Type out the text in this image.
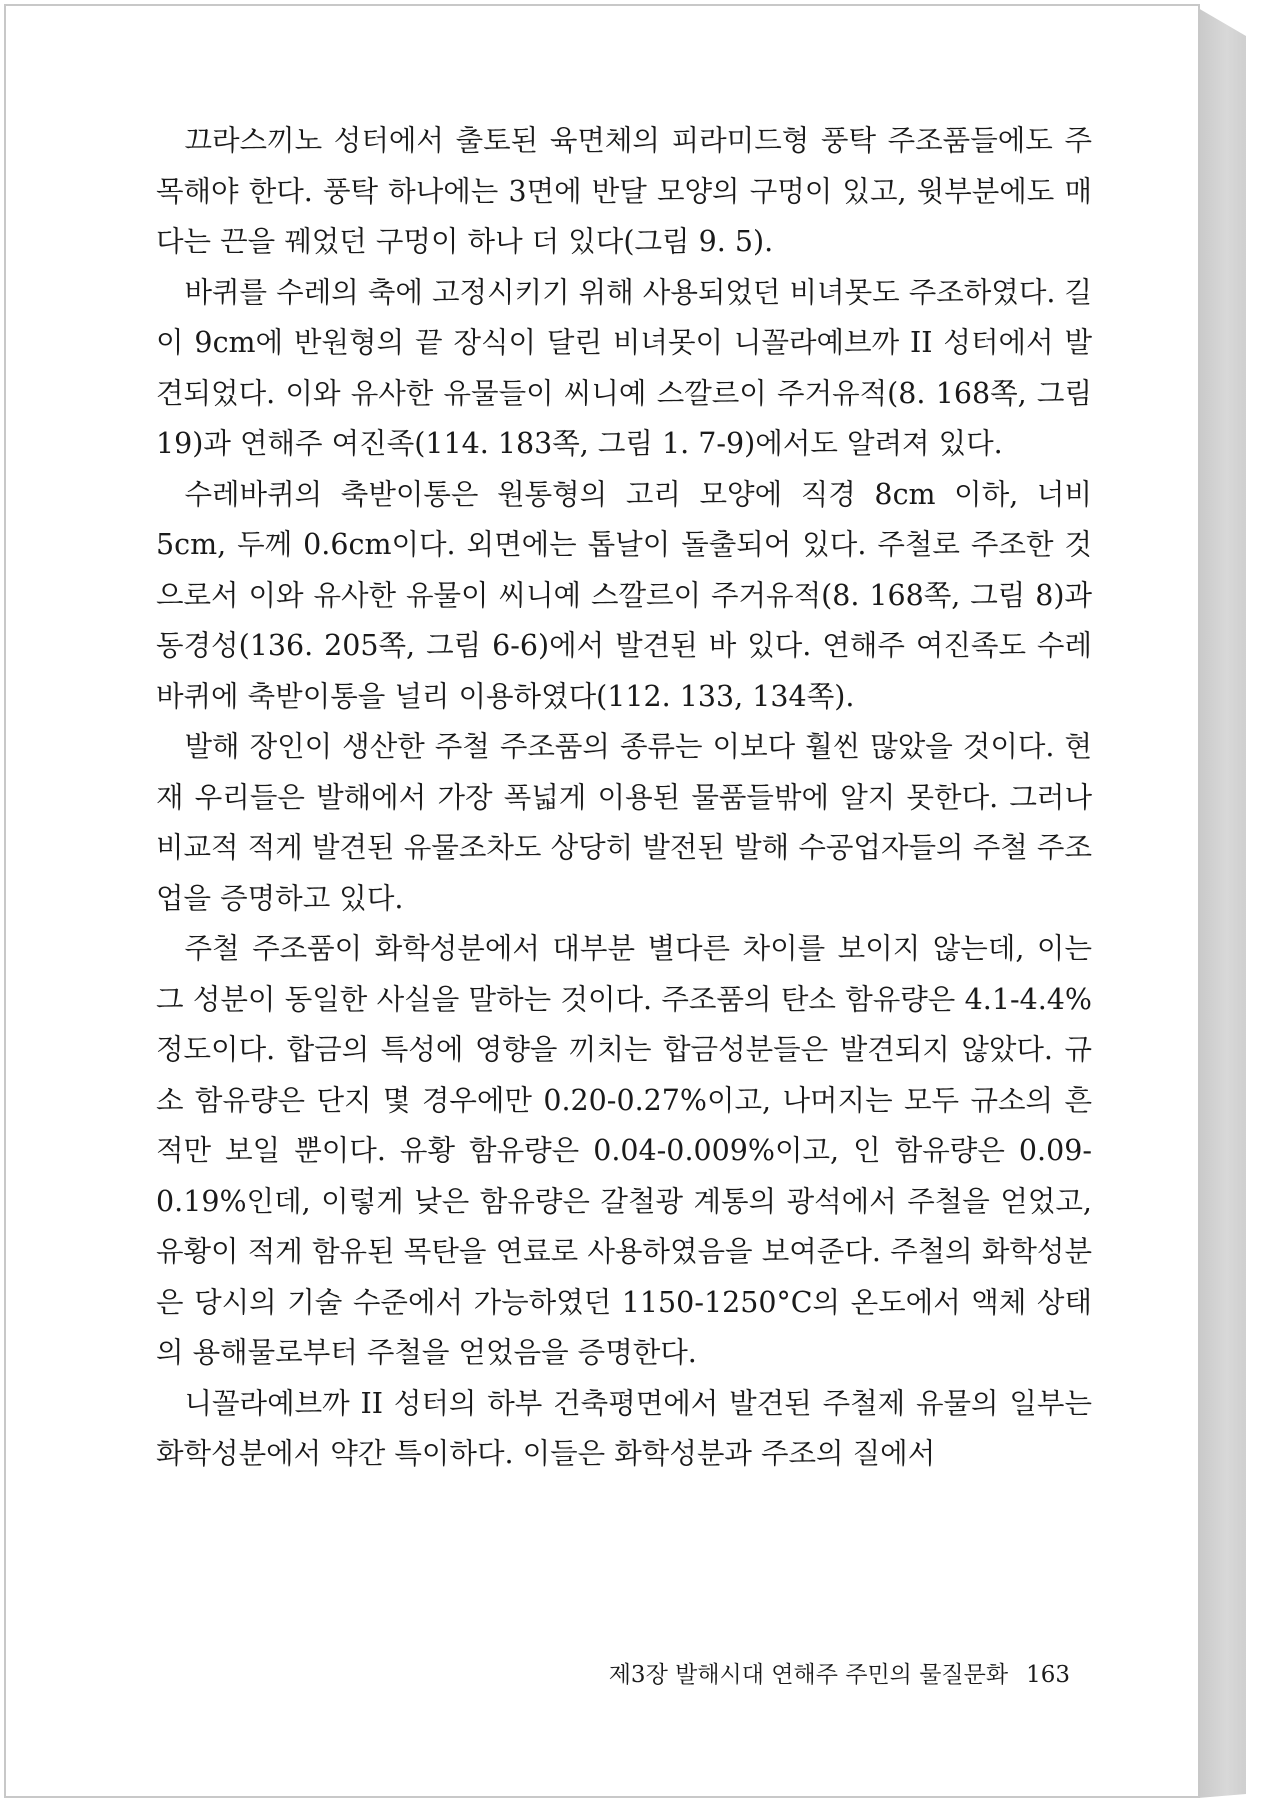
끄라스끼노 성터에서 출토된 육면체의 피라미드형 풍탁 주조품들에도 주목해야 한다. 풍탁 하나에는 3면에 반달 모양의 구멍이 있고, 윗부분에도 매다는 끈을 꿰었던 구멍이 하나 더 있다(그림 9. 5).

바퀴를 수레의 축에 고정시키기 위해 사용되었던 비녀못도 주조하였다. 길이 9cm에 반원형의 끝 장식이 달린 비녀못이 니꼴라예브까 II 성터에서 발견되었다. 이와 유사한 유물들이 씨니예 스깔르이 주거유적(8. 168쪽, 그림 19)과 연해주 여진족(114. 183쪽, 그림 1. 7-9)에서도 알려져 있다.

수레바퀴의 축받이통은 원통형의 고리 모양에 직경 8cm 이하, 너비 5cm, 두께 0.6cm이다. 외면에는 톱날이 돌출되어 있다. 주철로 주조한 것으로서 이와 유사한 유물이 씨니예 스깔르이 주거유적(8. 168쪽, 그림 8)과 동경성(136. 205쪽, 그림 6-6)에서 발견된 바 있다. 연해주 여진족도 수레바퀴에 축받이통을 널리 이용하였다(112. 133, 134쪽).

발해 장인이 생산한 주철 주조품의 종류는 이보다 훨씬 많았을 것이다. 현재 우리들은 발해에서 가장 폭넓게 이용된 물품들밖에 알지 못한다. 그러나 비교적 적게 발견된 유물조차도 상당히 발전된 발해 수공업자들의 주철 주조업을 증명하고 있다.

주철 주조품이 화학성분에서 대부분 별다른 차이를 보이지 않는데, 이는 그 성분이 동일한 사실을 말하는 것이다. 주조품의 탄소 함유량은 4.1-4.4% 정도이다. 합금의 특성에 영향을 끼치는 합금성분들은 발견되지 않았다. 규소 함유량은 단지 몇 경우에만 0.20-0.27%이고, 나머지는 모두 규소의 흔적만 보일 뿐이다. 유황 함유량은 0.04-0.009%이고, 인 함유량은 0.09-0.19%인데, 이렇게 낮은 함유량은 갈철광 계통의 광석에서 주철을 얻었고, 유황이 적게 함유된 목탄을 연료로 사용하였음을 보여준다. 주철의 화학성분은 당시의 기술 수준에서 가능하였던 1150-1250°C의 온도에서 액체 상태의 용해물로부터 주철을 얻었음을 증명한다.

니꼴라예브까 II 성터의 하부 건축평면에서 발견된 주철제 유물의 일부는 화학성분에서 약간 특이하다. 이들은 화학성분과 주조의 질에서

제3장 발해시대 연해주 주민의 물질문화 163
